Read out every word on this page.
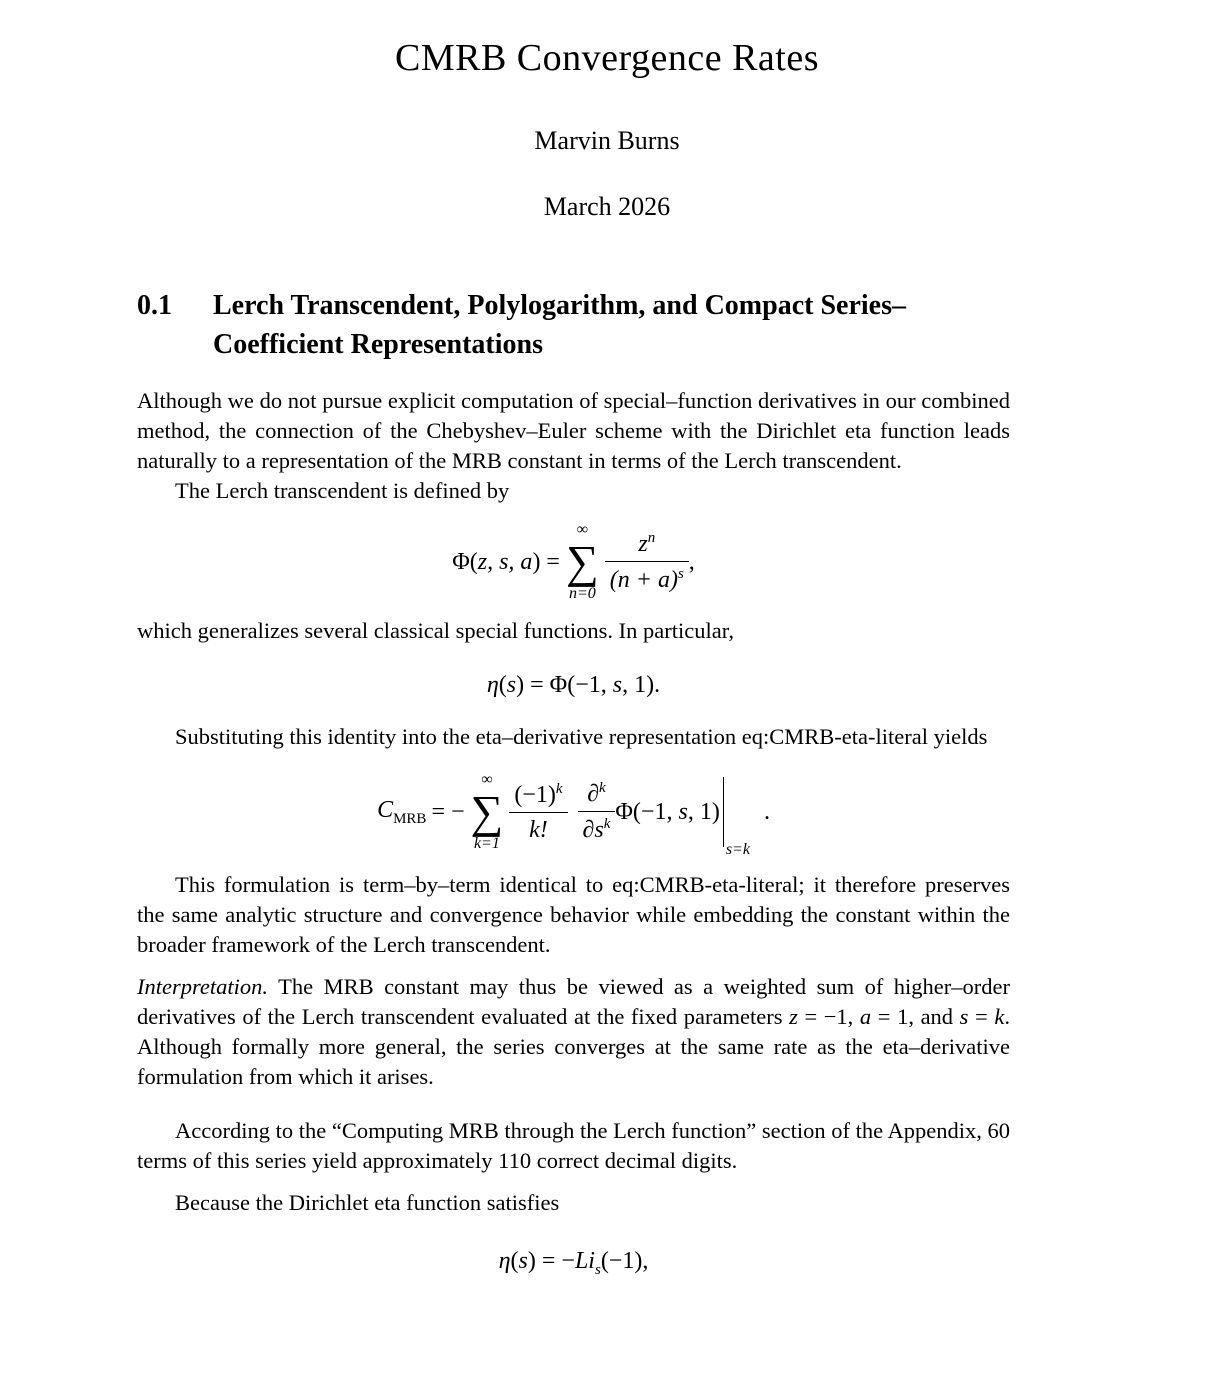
CMRB Convergence Rates
Marvin Burns
March 2026
0.1	Lerch Transcendent, Polylogarithm, and Compact Series–
Coefficient Representations

Although we do not pursue explicit computation of special–function derivatives in our combined method, the connection of the Chebyshev–Euler scheme with the Dirichlet eta function leads naturally to a representation of the MRB constant in terms of the Lerch transcendent.

The Lerch transcendent is defined by

Φ(z, s, a) =
∞
∑
$n=0 \frac{z^n}{(n + a)^s}$ ,

which generalizes several classical special functions. In particular,

η(s) = Φ(−1, s, 1).

Substituting this identity into the eta–derivative representation eq:CMRB-eta-literal yields

$C_{MRB}$ = −
∞
∑
$k=1 \frac{(-1)^k}{k!} \frac{\partial^k}{\partial s^k} \Phi(-1$, s, 1)
s=k
.

This formulation is term–by–term identical to eq:CMRB-eta-literal; it therefore preserves the same analytic structure and convergence behavior while embedding the constant within the broader framework of the Lerch transcendent.

Interpretation. The MRB constant may thus be viewed as a weighted sum of higher–order derivatives of the Lerch transcendent evaluated at the fixed parameters z = −1, a = 1, and s = k. Although formally more general, the series converges at the same rate as the eta–derivative formulation from which it arises.

According to the “Computing MRB through the Lerch function” section of the Appendix, 60 terms of this series yield approximately 110 correct decimal digits.

Because the Dirichlet eta function satisfies

$\eta(s) = -Li_s(-1)$,
